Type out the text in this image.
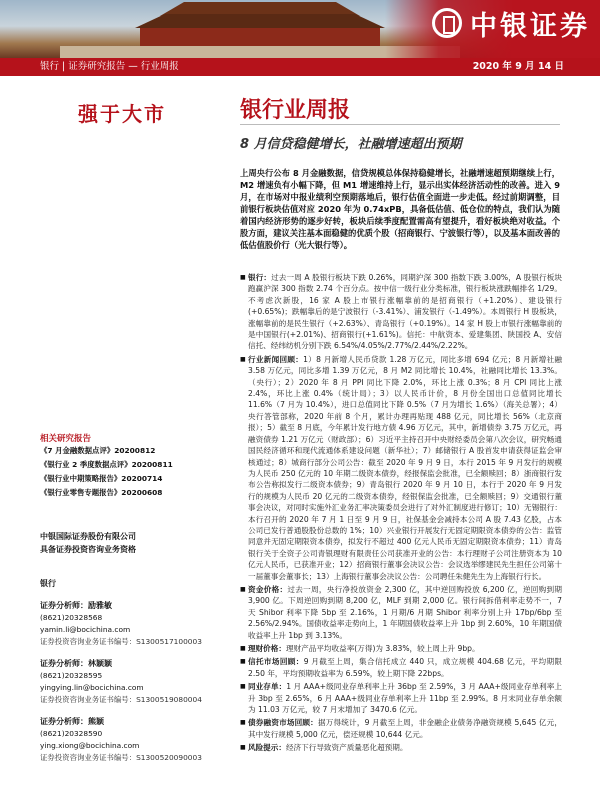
中银证券
银行 | 证券研究报告 — 行业周报	2020 年 9 月 14 日
强于大市	银行业周报
8 月信贷稳健增长，社融增速超出预期
上周央行公布 8 月金融数据，信贷规模总体保持稳健增长，社融增速超预期继续上行，M2 增速负有小幅下降，但 M1 增速维持上行，显示出实体经济活动性的改善。进入 9 月，在市场对中报业绩利空预期落地后，银行估值全面进一步走低。经过前期调整，目前银行板块估值对应 2020 年为 0.74xPB，具备低估值、低仓位的特点，我们认为随着国内经济形势的逐步好转，板块后续季度配置需高有望提升，看好板块绝对收益。个股方面，建议关注基本面稳健的优质个股（招商银行、宁波银行等），以及基本面改善的低估值股价行（光大银行等）。
■ 银行：过去一周 A 股银行板块下跌 0.26%，同期沪深 300 指数下跌 3.00%，A 股银行板块跑赢沪深 300 指数 2.74 个百分点。按中信一级行业分类标准，银行板块涨跌幅排名 1/29。不考虑次新股，16 家 A 股上市银行涨幅靠前的是招商银行（+1.20%）、建设银行(+0.65%)；跌幅靠后的是宁波银行（-3.41%）、浦发银行（-1.49%）。本周银行 H 股板块，涨幅靠前的是民生银行（+2.63%）、青岛银行（+0.19%）。14 家 H 股上市银行涨幅靠前的是中国银行(+2.01%)、招商银行(+1.61%)。信托：中航资本、爱建集团、陕国投 A、安信信托、经纬纺机分别下跌 6.54%/4.05%/2.77%/2.44%/2.22%。
■ 行业新闻回顾：1）8 月新增人民币贷款 1.28 万亿元，同比多增 694 亿元；8 月新增社融 3.58 万亿元，同比多增 1.39 万亿元，8 月 M2 同比增长 10.4%，社融同比增长 13.3%。（央行）；2）2020 年 8 月 PPI 同比下降 2.0%，环比上涨 0.3%；8 月 CPI 同比上涨 2.4%，环比上涨 0.4%（统计局）；3）以人民币计价，8 月份全国出口总值同比增长 11.6%（7 月为 10.4%），进口总值同比下降 0.5%（7 月为增长 1.6%）（海关总署）；4）央行答管部称，2020 年前 8 个月，累计办理再贴现 488 亿元，同比增长 56%（北京商报）；5）截至 8 月底，今年累计发行地方债 4.96 万亿元，其中，新增债券 3.75 万亿元，再融资债券 1.21 万亿元（财政部）；6）习近平主持召开中央财经委员会第八次会议，研究畅通国民经济循环和现代流通体系建设问题（新华社）；7）邮储银行 A 股首发申请获得证监会审核通过；8）城商行部分公司公告：截至 2020 年 9 月 9 日，本行 2015 年 9 月发行的规模为人民币 250 亿元的 10 年期二级资本债券，经报保监会批准，已全额赎回；8）浙商银行发布公告称拟发行二级资本债券；9）青岛银行 2020 年 9 月 10 日，本行于 2020 年 9 月发行的规模为人民币 20 亿元的二级资本债券，经银保监会批准，已全额赎回；9）交通银行董事会决议，对同时实施外汇业务汇率决策委员会进行了对外汇制度进行修订；10）无锡银行：本行召开的 2020 年 7 月 1 日至 9 月 9 日，社保基金会减持本公司 A 股 7.43 亿股，占本公司已发行普通股股份总数的 1%；10）兴业银行开展发行无固定期限资本债券的公告：监管同意并无固定期限资本债券，拟发行不超过 400 亿元人民币无固定期限资本债券；11）青岛银行关于全资子公司青银理财有限责任公司获准开业的公告：本行理财子公司注册资本为 10 亿元人民币，已获准开业；12）招商银行董事会决议公告：会议选举缪建民先生担任公司第十一届董事会董事长；13）上海银行董事会决议公告：公司聘任朱健先生为上海银行行长。
■ 资金价格：过去一周，央行净投放资金 2,300 亿，其中逆回购投放 6,200 亿，逆回购到期 3,900 亿。下周逆回购到期 8,200 亿，MLF 到期 2,000 亿。银行间拆借利率走势不一，7 天 Shibor 利率下降 5bp 至 2.16%，1 月期/6 月期 Shibor 利率分别上升 17bp/6bp 至 2.56%/2.94%。国债收益率走势向上，1 年期国债收益率上升 1bp 到 2.60%，10 年期国债收益率上升 1bp 到 3.13%。
■ 理财价格：理财产品平均收益率(万得)为 3.83%，较上周上升 9bp。
■ 信托市场回顾：9 月截至上周，集合信托成立 440 只，成立规模 404.68 亿元，平均期限 2.50 年，平均预期收益率为 6.59%，较上期下降 22bps。
■ 同业存单：1 月 AAA+级同业存单利率上升 36bp 至 2.59%，3 月 AAA+级同业存单利率上升 3bp 至 2.65%，6 月 AAA+级同业存单利率上升 11bp 至 2.99%。8 月末同业存单余额为 11.03 万亿元，较 7 月末增加了 3470.6 亿元。
■ 债券融资市场回顾：据万得统计，9 月截至上周，非金融企业债务净融资规模 5,645 亿元，其中发行规模 5,000 亿元，偿还规模 10,644 亿元。
■ 风险提示：经济下行导致资产质量恶化超预期。
相关研究报告
《7 月金融数据点评》20200812
《银行业 2 季度数据点评》20200811
《银行业中期策略报告》20200714
《银行业零售专题报告》20200608
中银国际证券股份有限公司
具备证券投资咨询业务资格
银行
证券分析师：励雅敏
(8621)20328568
yamin.li@bocichina.com
证券投资咨询业务证书编号：S1300517100003
证券分析师：林颖颖
(8621)20328595
yingying.lin@bocichina.com
证券投资咨询业务证书编号：S1300519080004
证券分析师：熊颖
(8621)20328590
ying.xiong@bocichina.com
证券投资咨询业务证书编号：S1300520090003
